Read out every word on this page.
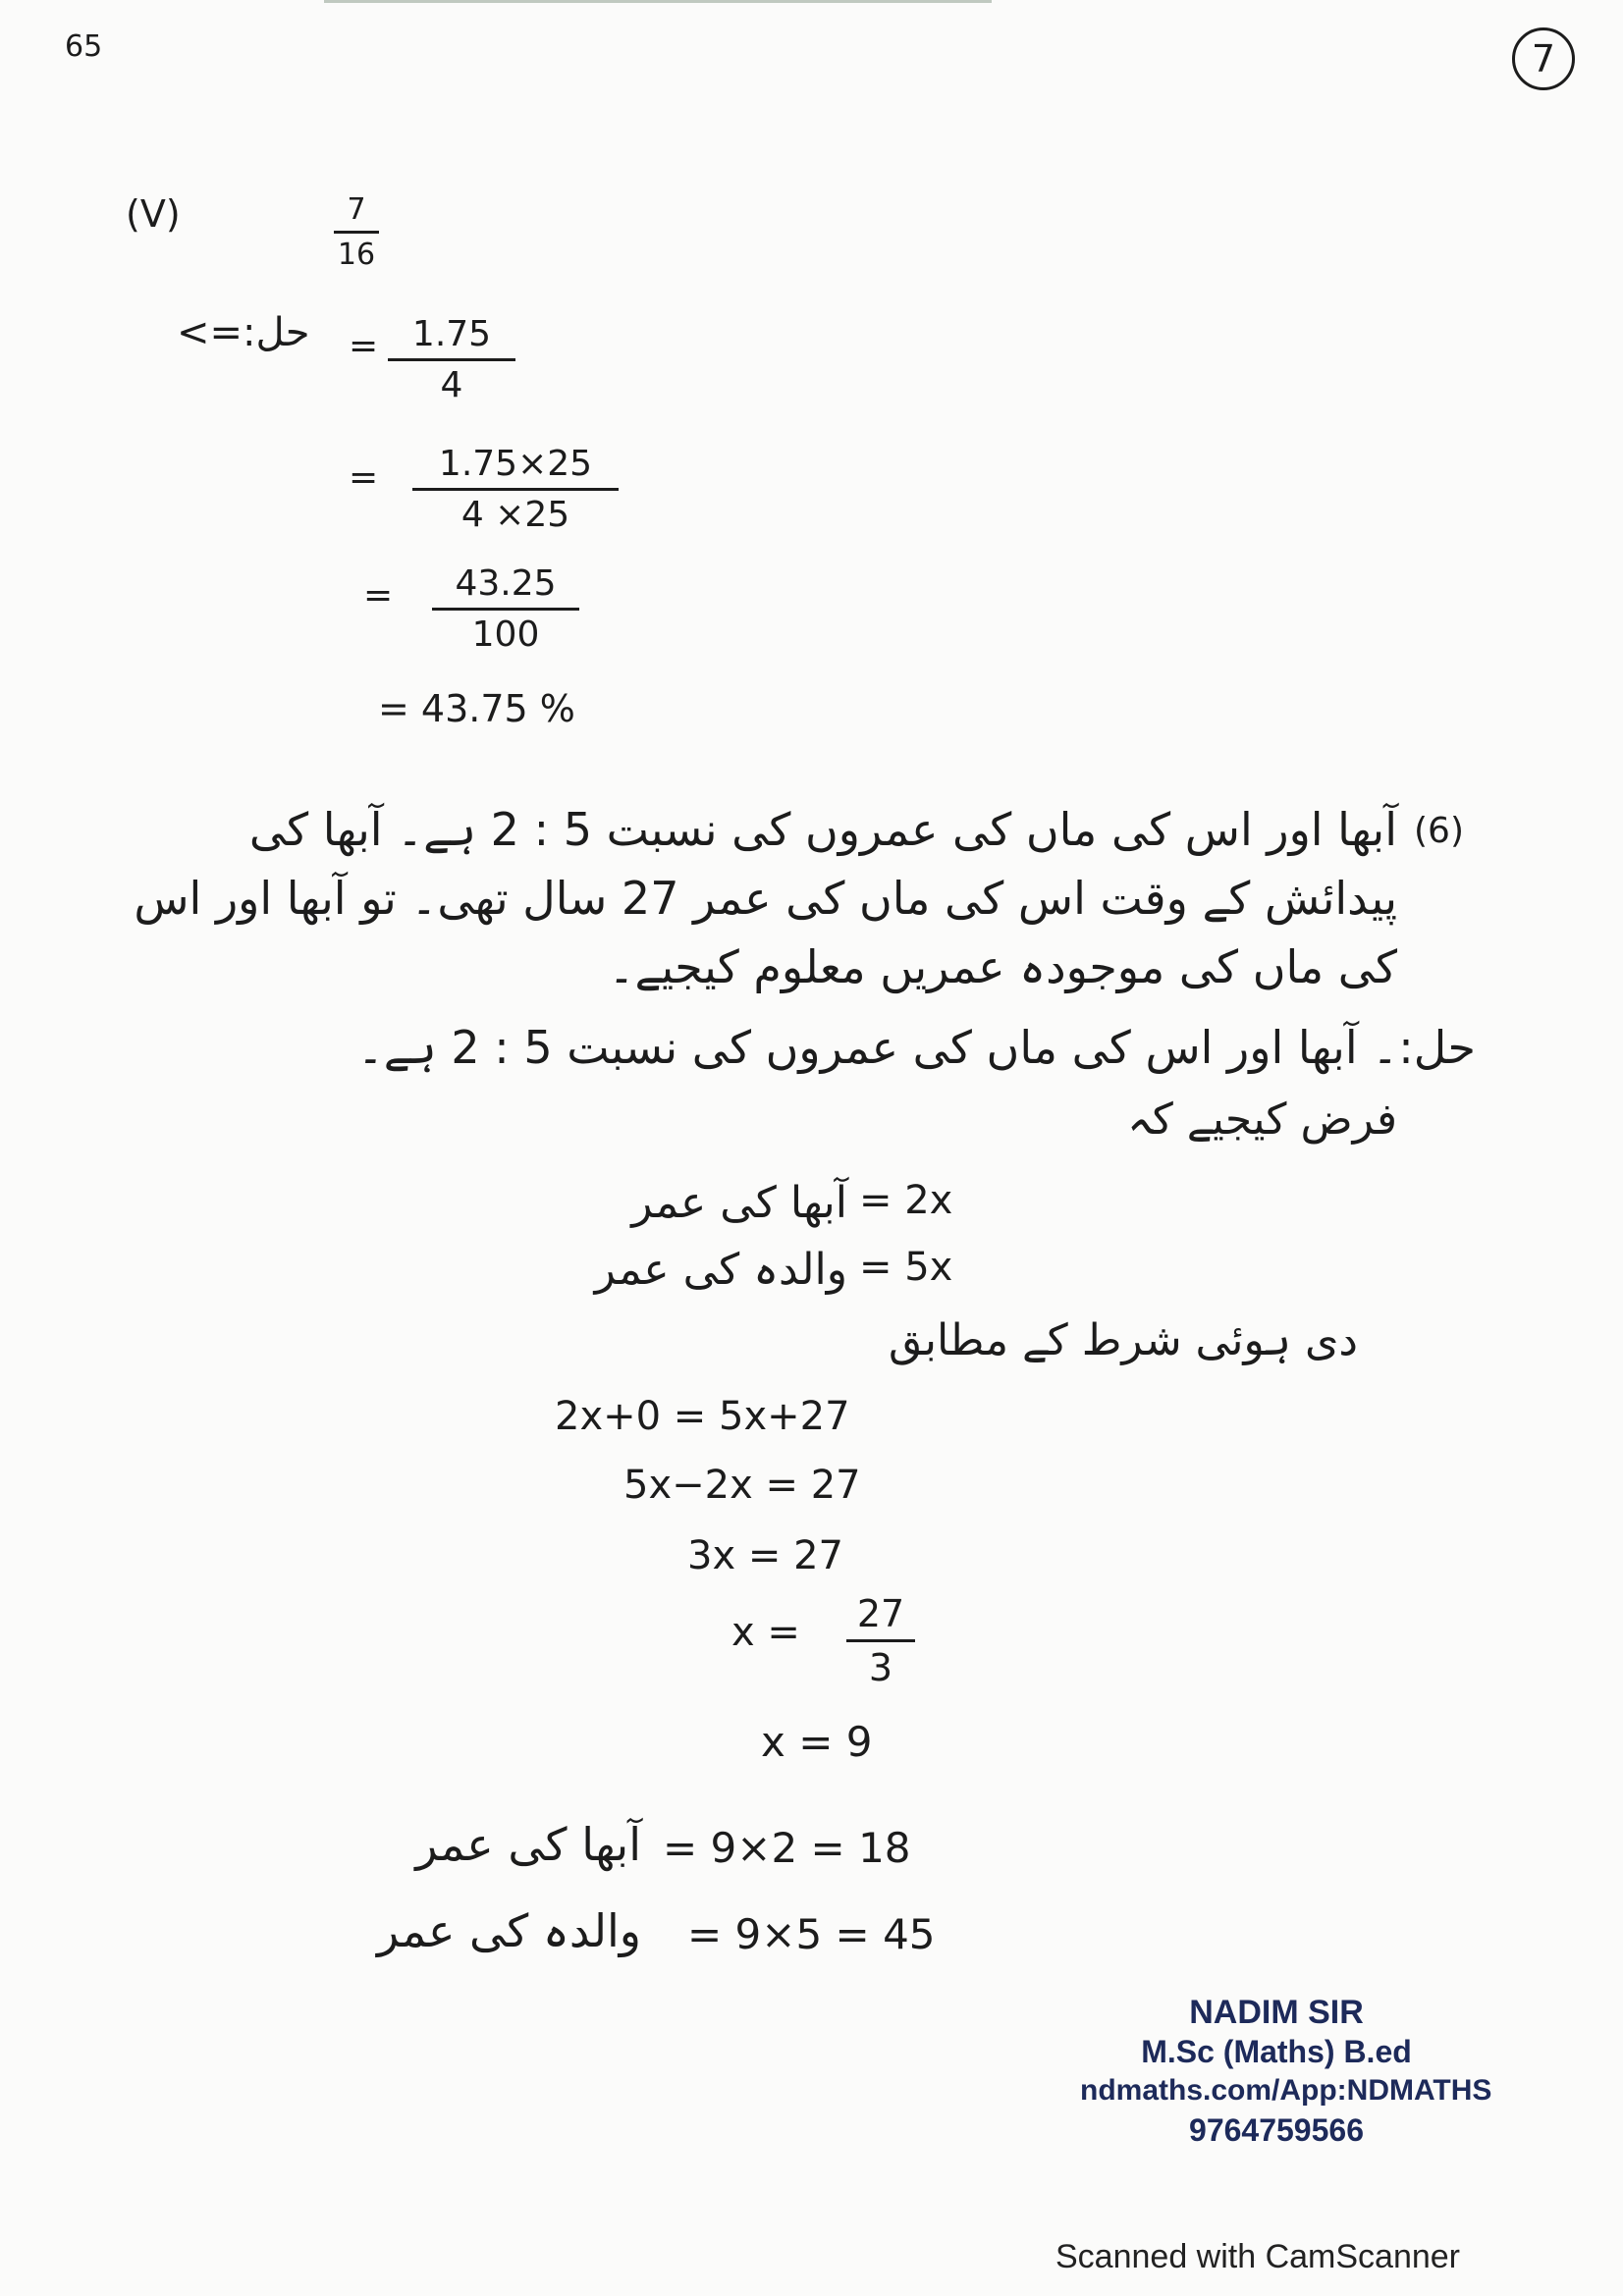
65	7
(V)	7
16
حل:=> = 1.75
4
=	1.75×25
4 ×25
=	43.25
100
= 43.75 %
(6)
آبھا اور اس کی ماں کی عمروں کی نسبت 5 : 2 ہے۔ آبھا کی
پیدائش کے وقت اس کی ماں کی عمر 27 سال تھی۔ تو آبھا اور اس
کی ماں کی موجودہ عمریں معلوم کیجیے۔
حل:۔ آبھا اور اس کی ماں کی عمروں کی نسبت 5 : 2 ہے۔
فرض کیجیے کہ
آبھا کی عمر = 2x
والدہ کی عمر = 5x
دی ہوئی شرط کے مطابق
2x+0 = 5x+27
5x−2x = 27
3x = 27
x = 27
3
x = 9
آبھا کی عمر = 9×2 = 18
والدہ کی عمر = 9×5 = 45
NADIM SIR
M.Sc (Maths) B.ed
ndmaths.com/App:NDMATHS
9764759566
Scanned with CamScanner
